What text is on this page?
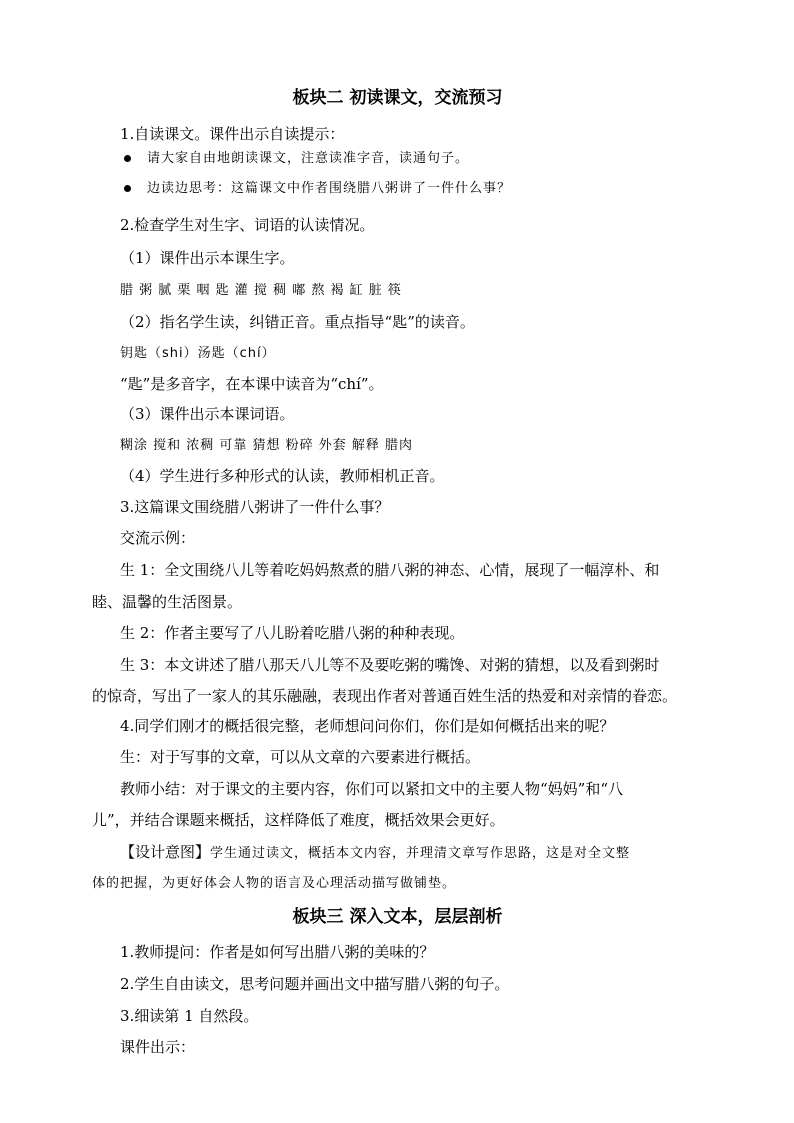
板块二 初读课文，交流预习
1.自读课文。课件出示自读提示：
请大家自由地朗读课文，注意读准字音，读通句子。
边读边思考：这篇课文中作者围绕腊八粥讲了一件什么事？
2.检查学生对生字、词语的认读情况。
（1）课件出示本课生字。
腊 粥 腻 栗 咽 匙 灌 搅 稠 嘟 熬 褐 缸 脏 筷
（2）指名学生读，纠错正音。重点指导“匙”的读音。
钥匙（shi）汤匙（chí）
“匙”是多音字，在本课中读音为“chí”。
（3）课件出示本课词语。
糊涂 搅和 浓稠 可靠 猜想 粉碎 外套 解释 腊肉
（4）学生进行多种形式的认读，教师相机正音。
3.这篇课文围绕腊八粥讲了一件什么事？
交流示例：
生 1：全文围绕八儿等着吃妈妈熬煮的腊八粥的神态、心情，展现了一幅淳朴、和
睦、温馨的生活图景。
生 2：作者主要写了八儿盼着吃腊八粥的种种表现。
生 3：本文讲述了腊八那天八儿等不及要吃粥的嘴馋、对粥的猜想，以及看到粥时
的惊奇，写出了一家人的其乐融融，表现出作者对普通百姓生活的热爱和对亲情的眷恋。
4.同学们刚才的概括很完整，老师想问问你们，你们是如何概括出来的呢？
生：对于写事的文章，可以从文章的六要素进行概括。
教师小结：对于课文的主要内容，你们可以紧扣文中的主要人物“妈妈”和“八
儿”，并结合课题来概括，这样降低了难度，概括效果会更好。
【设计意图】学生通过读文，概括本文内容，并理清文章写作思路，这是对全文整
体的把握，为更好体会人物的语言及心理活动描写做铺垫。
板块三 深入文本，层层剖析
1.教师提问：作者是如何写出腊八粥的美味的？
2.学生自由读文，思考问题并画出文中描写腊八粥的句子。
3.细读第 1 自然段。
课件出示：
